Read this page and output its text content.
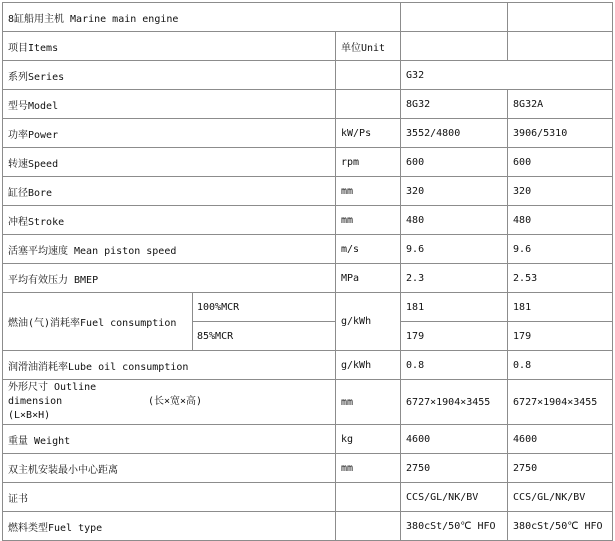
8缸船用主机 Marine main engine				
项目Items		单位Unit		
系列Series			G32	
型号Model			8G32	8G32A
功率Power		kW/Ps	3552/4800	3906/5310
转速Speed		rpm	600	600
缸径Bore		mm	320	320
冲程Stroke		mm	480	480
活塞平均速度 Mean piston speed		m/s	9.6	9.6
平均有效压力 BMEP		MPa	2.3	2.53
燃油(气)消耗率Fuel consumption	100%MCR	g/kWh	181	181
	85%MCR		179	179
润滑油消耗率Lube oil consumption		g/kWh	0.8	0.8
外形尺寸 Outline dimension (长×宽×高)
(L×B×H)		mm	6727×1904×3455	6727×1904×3455
重量 Weight		kg	4600	4600
双主机安装最小中心距离		mm	2750	2750
证书			CCS/GL/NK/BV	CCS/GL/NK/BV
燃料类型Fuel type			380cSt/50℃ HFO	380cSt/50℃ HFO
